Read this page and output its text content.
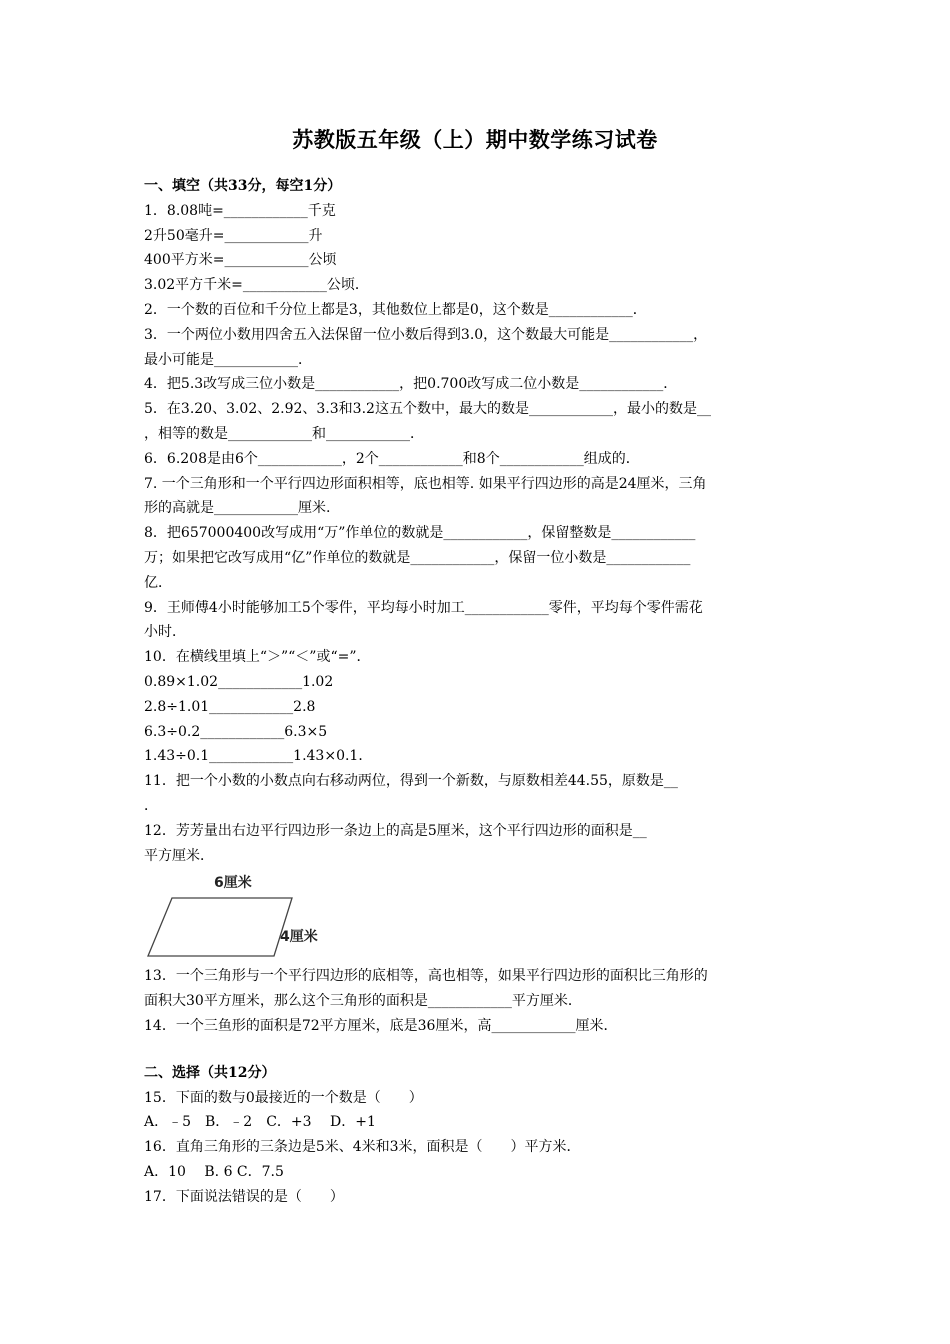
苏教版五年级（上）期中数学练习试卷
一、填空（共33分，每空1分）
1．8.08吨=____________千克
2升50毫升=____________升
400平方米=____________公顷
3.02平方千米=____________公顷．
2．一个数的百位和千分位上都是3，其他数位上都是0，这个数是____________．
3．一个两位小数用四舍五入法保留一位小数后得到3.0，这个数最大可能是____________，
最小可能是____________．
4．把5.3改写成三位小数是____________，把0.700改写成二位小数是____________．
5．在3.20、3.02、2.92、3.3和3.2这五个数中，最大的数是____________，最小的数是__
，相等的数是____________和____________．
6．6.208是由6个____________，2个____________和8个____________组成的．
7. 一个三角形和一个平行四边形面积相等，底也相等. 如果平行四边形的高是24厘米，三角
形的高就是____________厘米.
8．把657000400改写成用“万”作单位的数就是____________，保留整数是____________
万；如果把它改写成用“亿”作单位的数就是____________，保留一位小数是____________
亿．
9．王师傅4小时能够加工5个零件，平均每小时加工____________零件，平均每个零件需花
小时．
10．在横线里填上“＞”“＜”或“=”．
0.89×1.02____________1.02
2.8÷1.01____________2.8
6.3÷0.2____________6.3×5
1.43÷0.1____________1.43×0.1．
11．把一个小数的小数点向右移动两位，得到一个新数，与原数相差44.55，原数是__
．
12．芳芳量出右边平行四边形一条边上的高是5厘米，这个平行四边形的面积是__
平方厘米．
6厘米
4厘米
13．一个三角形与一个平行四边形的底相等，高也相等，如果平行四边形的面积比三角形的
面积大30平方厘米，那么这个三角形的面积是____________平方厘米．
14．一个三鱼形的面积是72平方厘米，底是36厘米，高____________厘米．
二、选择（共12分）
15．下面的数与0最接近的一个数是（　　）
A．﹣5　B．﹣2　C．+3　 D．+1
16．直角三角形的三条边是5米、4米和3米，面积是（　　）平方米．
A．10　 B. 6 C．7.5
17．下面说法错误的是（　　）
